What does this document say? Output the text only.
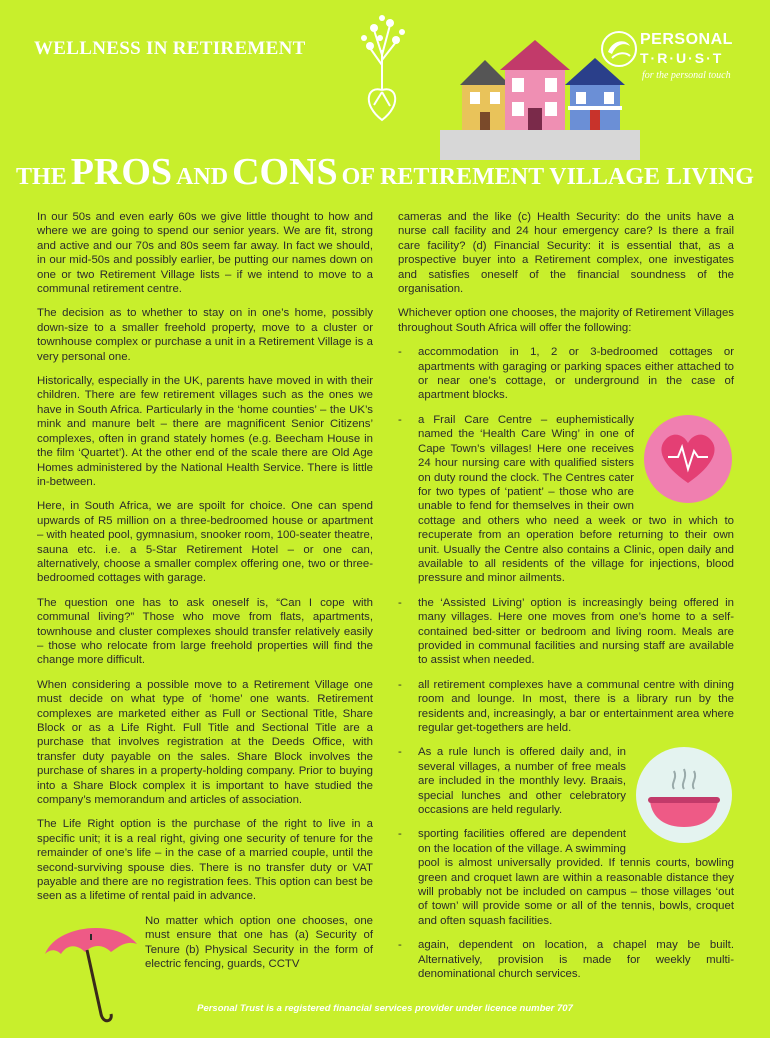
WELLNESS IN RETIREMENT	PERSONAL
T·R·U·S·T
for the personal touch
THE PROS AND CONS OF RETIREMENT VILLAGE LIVING

In our 50s and even early 60s we give little thought to how and where we are going to spend our senior years. We are fit, strong and active and our 70s and 80s seem far away. In fact we should, in our mid-50s and possibly earlier, be putting our names down on one or two Retirement Village lists – if we intend to move to a communal retirement centre.

The decision as to whether to stay on in one’s home, possibly down-size to a smaller freehold property, move to a cluster or townhouse complex or purchase a unit in a Retirement Village is a very personal one.

Historically, especially in the UK, parents have moved in with their children. There are few retirement villages such as the ones we have in South Africa. Particularly in the ‘home counties’ – the UK’s mink and manure belt – there are magnificent Senior Citizens’ complexes, often in grand stately homes (e.g. Beecham House in the film ‘Quartet’). At the other end of the scale there are Old Age Homes administered by the National Health Service. There is little in-between.

Here, in South Africa, we are spoilt for choice. One can spend upwards of R5 million on a three-bedroomed house or apartment – with heated pool, gymnasium, snooker room, 100-seater theatre, sauna etc. i.e. a 5-Star Retirement Hotel – or one can, alternatively, choose a smaller complex offering one, two or three-bedroomed cottages with garage.

The question one has to ask oneself is, “Can I cope with communal living?” Those who move from flats, apartments, townhouse and cluster complexes should transfer relatively easily – those who relocate from large freehold properties will find the change more difficult.

When considering a possible move to a Retirement Village one must decide on what type of ‘home’ one wants. Retirement complexes are marketed either as Full or Sectional Title, Share Block or as a Life Right. Full Title and Sectional Title are a purchase that involves registration at the Deeds Office, with transfer duty payable on the sales. Share Block involves the purchase of shares in a property-holding company. Prior to buying into a Share Block complex it is important to have studied the company’s memorandum and articles of association.

The Life Right option is the purchase of the right to live in a specific unit; it is a real right, giving one security of tenure for the remainder of one’s life – in the case of a married couple, until the second-surviving spouse dies. There is no transfer duty or VAT payable and there are no registration fees. This option can best be seen as a lifetime of rental paid in advance.

No matter which option one chooses, one must ensure that one has (a) Security of Tenure (b) Physical Security in the form of electric fencing, guards, CCTV

cameras and the like (c) Health Security: do the units have a nurse call facility and 24 hour emergency care? Is there a frail care facility? (d) Financial Security: it is essential that, as a prospective buyer into a Retirement complex, one investigates and satisfies oneself of the financial soundness of the organisation.

Whichever option one chooses, the majority of Retirement Villages throughout South Africa will offer the following:

- accommodation in 1, 2 or 3-bedroomed cottages or apartments with garaging or parking spaces either attached to or near one’s cottage, or underground in the case of apartment blocks.
- a Frail Care Centre – euphemistically named the ‘Health Care Wing’ in one of Cape Town’s villages! Here one receives 24 hour nursing care with qualified sisters on duty round the clock. The Centres cater for two types of ‘patient’ – those who are unable to fend for themselves in their own cottage and others who need a week or two in which to recuperate from an operation before returning to their own unit. Usually the Centre also contains a Clinic, open daily and available to all residents of the village for injections, blood pressure and minor ailments.
- the ‘Assisted Living’ option is increasingly being offered in many villages. Here one moves from one’s home to a self-contained bed-sitter or bedroom and living room. Meals are provided in communal facilities and nursing staff are available to assist when needed.
- all retirement complexes have a communal centre with dining room and lounge. In most, there is a library run by the residents and, increasingly, a bar or entertainment area where regular get-togethers are held.
- As a rule lunch is offered daily and, in several villages, a number of free meals are included in the monthly levy. Braais, special lunches and other celebratory occasions are held regularly.
- sporting facilities offered are dependent on the location of the village. A swimming pool is almost universally provided. If tennis courts, bowling green and croquet lawn are within a reasonable distance they will probably not be included on campus – those villages ‘out of town’ will provide some or all of the tennis, bowls, croquet and often squash facilities.
- again, dependent on location, a chapel may be built. Alternatively, provision is made for weekly multi-denominational church services.
Personal Trust is a registered financial services provider under licence number 707
